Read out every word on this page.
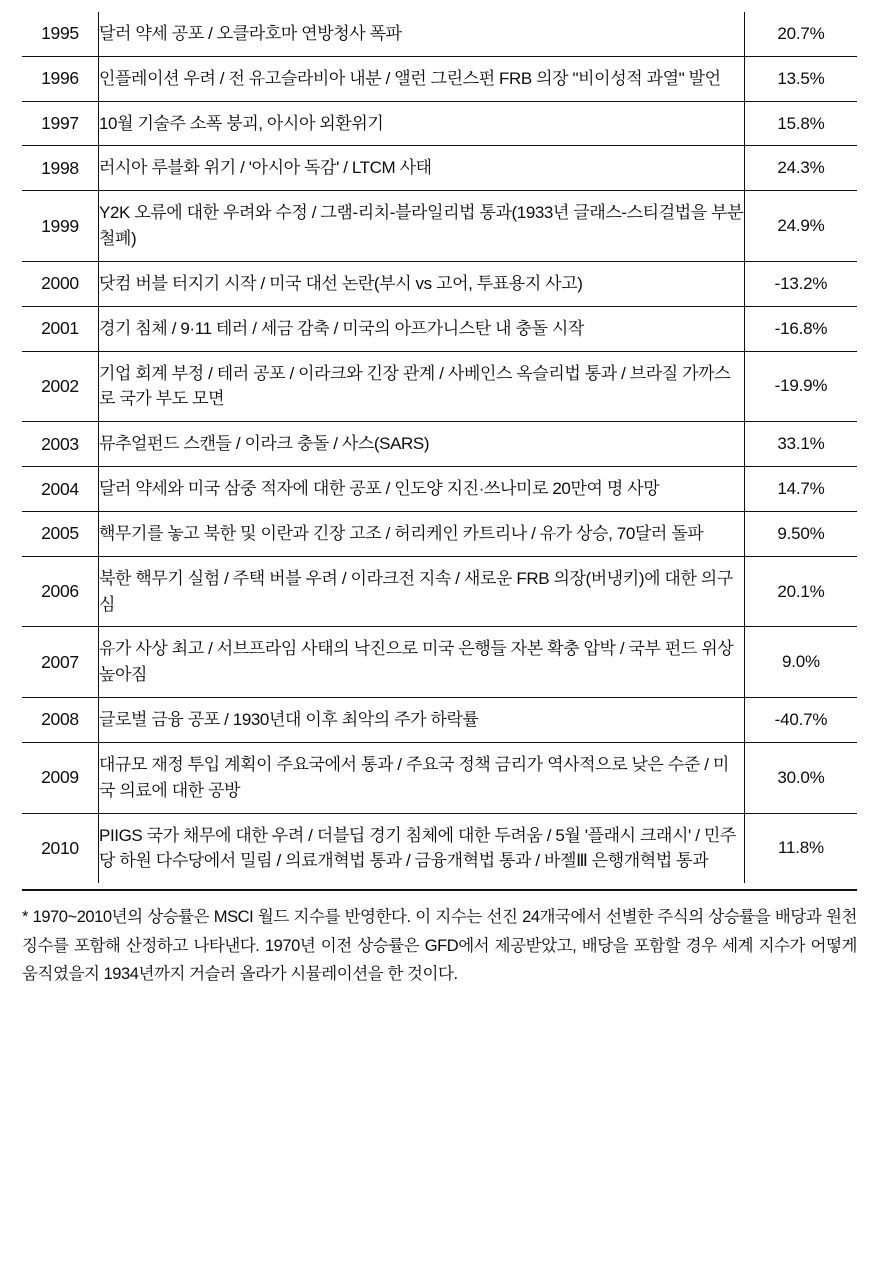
1995	달러 약세 공포 / 오클라호마 연방청사 폭파	20.7%
1996	인플레이션 우려 / 전 유고슬라비아 내분 / 앨런 그린스펀 FRB 의장 "비이성적 과열" 발언	13.5%
1997	10월 기술주 소폭 붕괴, 아시아 외환위기	15.8%
1998	러시아 루블화 위기 / '아시아 독감' / LTCM 사태	24.3%
1999	Y2K 오류에 대한 우려와 수정 / 그램-리치-블라일리법 통과(1933년 글래스-스티걸법을 부분 철폐)	24.9%
2000	닷컴 버블 터지기 시작 / 미국 대선 논란(부시 vs 고어, 투표용지 사고)	-13.2%
2001	경기 침체 / 9·11 테러 / 세금 감축 / 미국의 아프가니스탄 내 충돌 시작	-16.8%
2002	기업 회계 부정 / 테러 공포 / 이라크와 긴장 관계 / 사베인스 옥슬리법 통과 / 브라질 가까스로 국가 부도 모면	-19.9%
2003	뮤추얼펀드 스캔들 / 이라크 충돌 / 사스(SARS)	33.1%
2004	달러 약세와 미국 삼중 적자에 대한 공포 / 인도양 지진·쓰나미로 20만여 명 사망	14.7%
2005	핵무기를 놓고 북한 및 이란과 긴장 고조 / 허리케인 카트리나 / 유가 상승, 70달러 돌파	9.50%
2006	북한 핵무기 실험 / 주택 버블 우려 / 이라크전 지속 / 새로운 FRB 의장(버냉키)에 대한 의구심	20.1%
2007	유가 사상 최고 / 서브프라임 사태의 낙진으로 미국 은행들 자본 확충 압박 / 국부 펀드 위상 높아짐	9.0%
2008	글로벌 금융 공포 / 1930년대 이후 최악의 주가 하락률	-40.7%
2009	대규모 재정 투입 계획이 주요국에서 통과 / 주요국 정책 금리가 역사적으로 낮은 수준 / 미국 의료에 대한 공방	30.0%
2010	PIIGS 국가 채무에 대한 우려 / 더블딥 경기 침체에 대한 두려움 / 5월 '플래시 크래시' / 민주당 하원 다수당에서 밀림 / 의료개혁법 통과 / 금융개혁법 통과 / 바젤Ⅲ 은행개혁법 통과	11.8%
* 1970~2010년의 상승률은 MSCI 월드 지수를 반영한다. 이 지수는 선진 24개국에서 선별한 주식의 상승률을 배당과 원천징수를 포함해 산정하고 나타낸다. 1970년 이전 상승률은 GFD에서 제공받았고, 배당을 포함할 경우 세계 지수가 어떻게 움직였을지 1934년까지 거슬러 올라가 시뮬레이션을 한 것이다.
